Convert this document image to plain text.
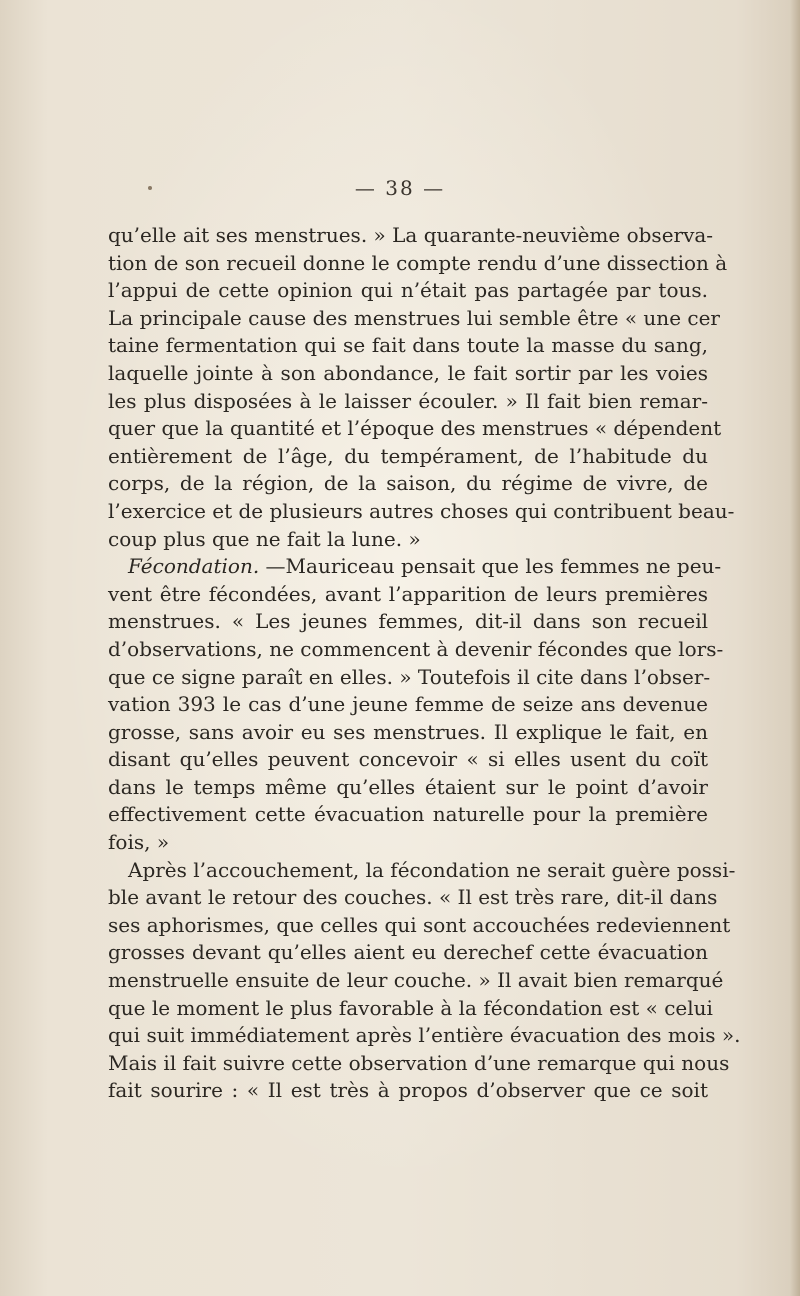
— 38 —
qu’elle ait ses menstrues. » La quarante-neuvième observa-
tion de son recueil donne le compte rendu d’une dissection à
l’appui de cette opinion qui n’était pas partagée par tous.
La principale cause des menstrues lui semble être « une cer
taine fermentation qui se fait dans toute la masse du sang,
laquelle jointe à son abondance, le fait sortir par les voies
les plus disposées à le laisser écouler. » Il fait bien remar-
quer que la quantité et l’époque des menstrues « dépendent
entièrement de l’âge, du tempérament, de l’habitude du
corps, de la région, de la saison, du régime de vivre, de
l’exercice et de plusieurs autres choses qui contribuent beau-
coup plus que ne fait la lune. »
Fécondation. —Mauriceau pensait que les femmes ne peu-
vent être fécondées, avant l’apparition de leurs premières
menstrues. « Les jeunes femmes, dit-il dans son recueil
d’observations, ne commencent à devenir fécondes que lors-
que ce signe paraît en elles. » Toutefois il cite dans l’obser-
vation 393 le cas d’une jeune femme de seize ans devenue
grosse, sans avoir eu ses menstrues. Il explique le fait, en
disant qu’elles peuvent concevoir « si elles usent du coït
dans le temps même qu’elles étaient sur le point d’avoir
effectivement cette évacuation naturelle pour la première
fois, »
Après l’accouchement, la fécondation ne serait guère possi-
ble avant le retour des couches. « Il est très rare, dit-il dans
ses aphorismes, que celles qui sont accouchées redeviennent
grosses devant qu’elles aient eu derechef cette évacuation
menstruelle ensuite de leur couche. » Il avait bien remarqué
que le moment le plus favorable à la fécondation est « celui
qui suit immédiatement après l’entière évacuation des mois ».
Mais il fait suivre cette observation d’une remarque qui nous
fait sourire : « Il est très à propos d’observer que ce soit
